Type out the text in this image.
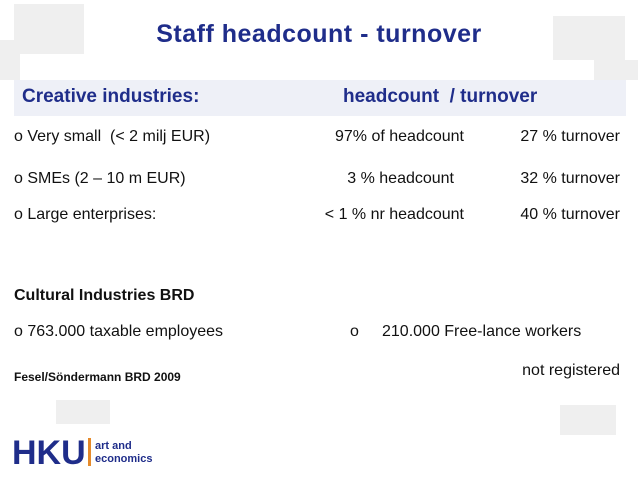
Staff headcount - turnover
Creative industries:	headcount  / turnover
o Very small  (< 2 milj EUR)	97% of headcount	27 % turnover
o SMEs (2 – 10 m EUR)	3 % headcount	32 % turnover
o Large enterprises:	< 1 % nr headcount	40 % turnover
Cultural Industries BRD
o 763.000 taxable employees	o 210.000 Free-lance workers
not registered
Fesel/Söndermann BRD 2009
HKU art and
economics
